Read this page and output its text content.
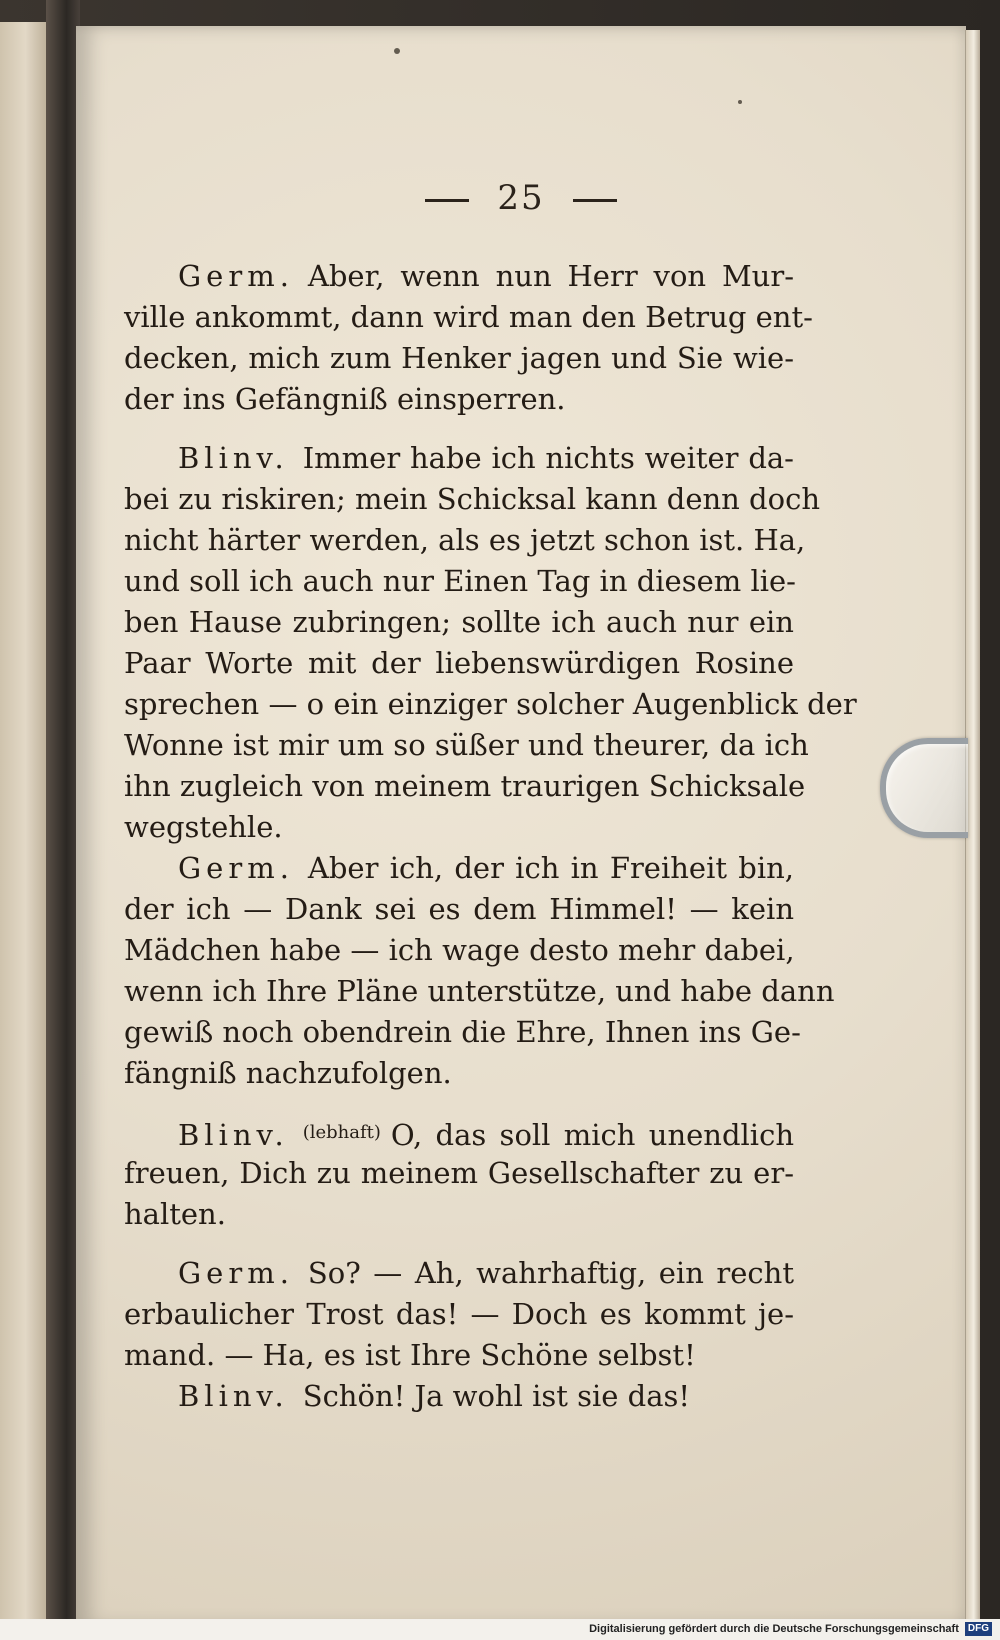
25
Germ. Aber, wenn nun Herr von Mur-
ville ankommt, dann wird man den Betrug ent-
decken, mich zum Henker jagen und Sie wie-
der ins Gefängniß einsperren.
Blinv. Immer habe ich nichts weiter da-
bei zu riskiren; mein Schicksal kann denn doch
nicht härter werden, als es jetzt schon ist. Ha,
und soll ich auch nur Einen Tag in diesem lie-
ben Hause zubringen; sollte ich auch nur ein
Paar Worte mit der liebenswürdigen Rosine
sprechen — o ein einziger solcher Augenblick der
Wonne ist mir um so süßer und theurer, da ich
ihn zugleich von meinem traurigen Schicksale
wegstehle.
Germ. Aber ich, der ich in Freiheit bin,
der ich — Dank sei es dem Himmel! — kein
Mädchen habe — ich wage desto mehr dabei,
wenn ich Ihre Pläne unterstütze, und habe dann
gewiß noch obendrein die Ehre, Ihnen ins Ge-
fängniß nachzufolgen.
Blinv. $^{(lebhaft)}$ O, das soll mich unendlich
freuen, Dich zu meinem Gesellschafter zu er-
halten.
Germ. So? — Ah, wahrhaftig, ein recht
erbaulicher Trost das! — Doch es kommt je-
mand. — Ha, es ist Ihre Schöne selbst!
Blinv. Schön! Ja wohl ist sie das!
Digitalisierung gefördert durch die Deutsche Forschungsgemeinschaft DFG
